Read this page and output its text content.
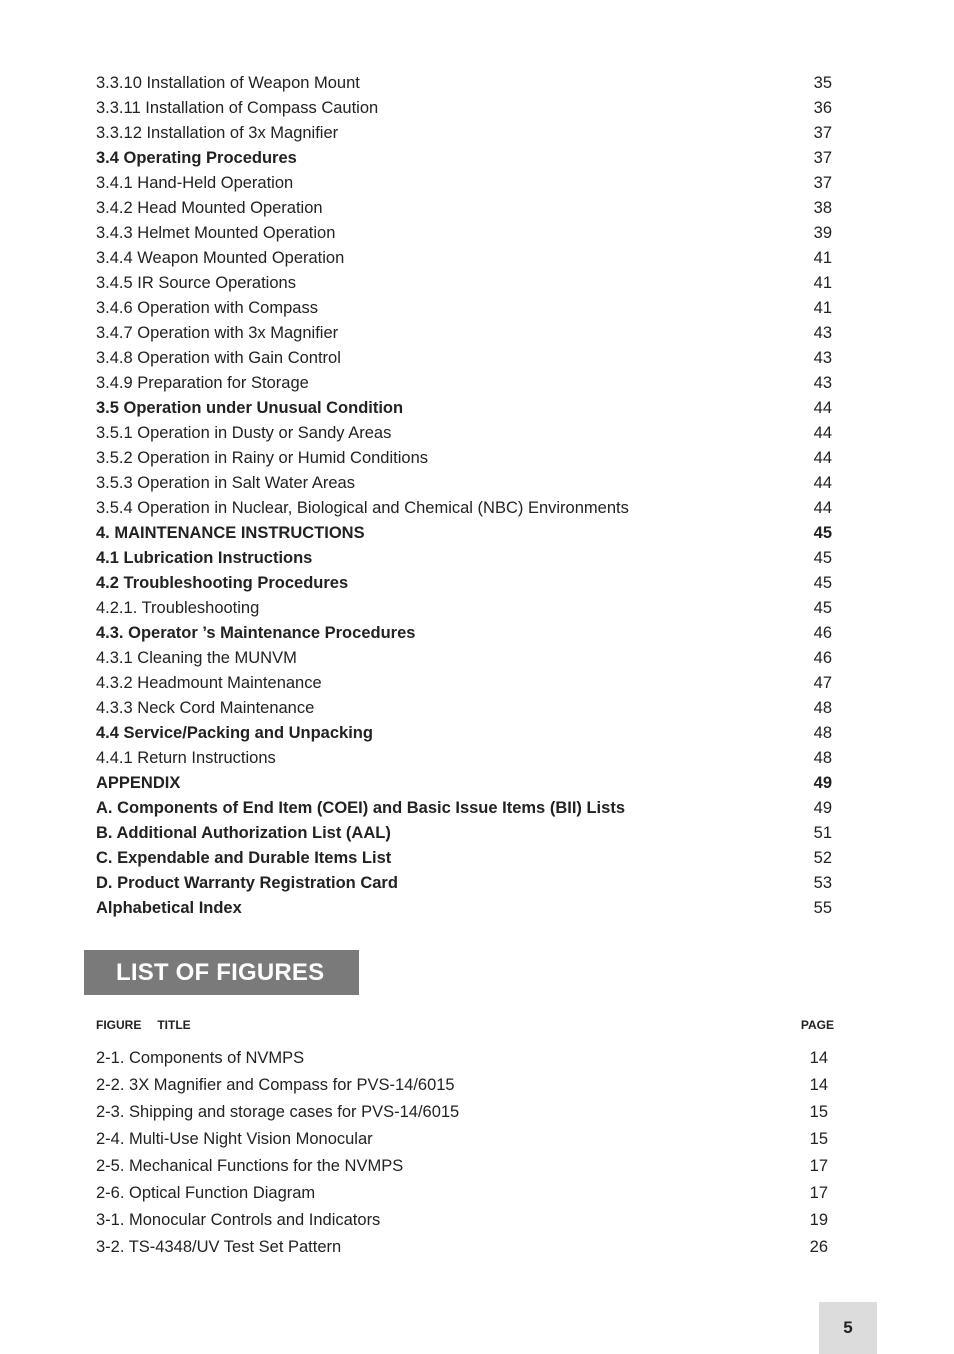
3.3.10 Installation of Weapon Mount	35
3.3.11 Installation of Compass Caution	36
3.3.12 Installation of 3x Magnifier	37
3.4 Operating Procedures	37
3.4.1 Hand-Held Operation	37
3.4.2 Head Mounted Operation	38
3.4.3 Helmet Mounted Operation	39
3.4.4 Weapon Mounted Operation	41
3.4.5 IR Source Operations	41
3.4.6 Operation with Compass	41
3.4.7 Operation with 3x Magnifier	43
3.4.8 Operation with Gain Control	43
3.4.9 Preparation for Storage	43
3.5 Operation under Unusual Condition	44
3.5.1 Operation in Dusty or Sandy Areas	44
3.5.2 Operation in Rainy or Humid Conditions	44
3.5.3 Operation in Salt Water Areas	44
3.5.4 Operation in Nuclear, Biological and Chemical (NBC) Environments	44
4. MAINTENANCE INSTRUCTIONS	45
4.1 Lubrication Instructions	45
4.2 Troubleshooting Procedures	45
4.2.1. Troubleshooting	45
4.3. Operator ’s Maintenance Procedures	46
4.3.1 Cleaning the MUNVM	46
4.3.2 Headmount Maintenance	47
4.3.3 Neck Cord Maintenance	48
4.4 Service/Packing and Unpacking	48
4.4.1 Return Instructions	48
APPENDIX	49
A. Components of End Item (COEI) and Basic Issue Items (BII) Lists	49
B. Additional Authorization List (AAL)	51
C. Expendable and Durable Items List	52
D. Product Warranty Registration Card	53
Alphabetical Index	55
LIST OF FIGURES
FIGURE TITLE	PAGE
2-1. Components of NVMPS	14
2-2. 3X Magnifier and Compass for PVS-14/6015	14
2-3. Shipping and storage cases for PVS-14/6015	15
2-4. Multi-Use Night Vision Monocular	15
2-5. Mechanical Functions for the NVMPS	17
2-6. Optical Function Diagram	17
3-1. Monocular Controls and Indicators	19
3-2. TS-4348/UV Test Set Pattern	26
5
